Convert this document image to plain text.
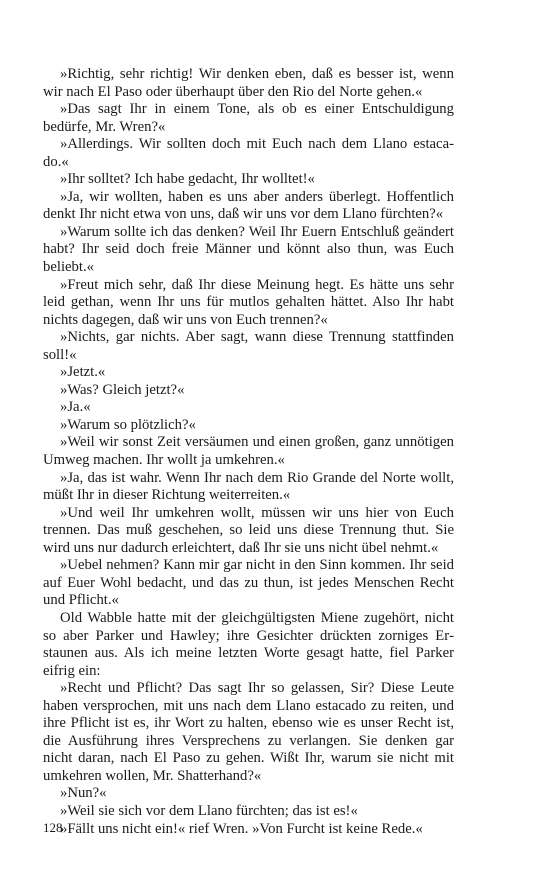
»Richtig, sehr richtig! Wir denken eben, daß es besser ist, wenn wir nach El Paso oder überhaupt über den Rio del Norte gehen.«

»Das sagt Ihr in einem Tone, als ob es einer Entschuldigung bedürfe, Mr. Wren?«

»Allerdings. Wir sollten doch mit Euch nach dem Llano estacado.«

»Ihr solltet? Ich habe gedacht, Ihr wolltet!«

»Ja, wir wollten, haben es uns aber anders überlegt. Hoffentlich denkt Ihr nicht etwa von uns, daß wir uns vor dem Llano fürchten?«

»Warum sollte ich das denken? Weil Ihr Euern Entschluß geändert habt? Ihr seid doch freie Männer und könnt also thun, was Euch beliebt.«

»Freut mich sehr, daß Ihr diese Meinung hegt. Es hätte uns sehr leid gethan, wenn Ihr uns für mutlos gehalten hättet. Also Ihr habt nichts dagegen, daß wir uns von Euch trennen?«

»Nichts, gar nichts. Aber sagt, wann diese Trennung stattfinden soll!«

»Jetzt.«

»Was? Gleich jetzt?«

»Ja.«

»Warum so plötzlich?«

»Weil wir sonst Zeit versäumen und einen großen, ganz unnötigen Umweg machen. Ihr wollt ja umkehren.«

»Ja, das ist wahr. Wenn Ihr nach dem Rio Grande del Norte wollt, müßt Ihr in dieser Richtung weiterreiten.«

»Und weil Ihr umkehren wollt, müssen wir uns hier von Euch trennen. Das muß geschehen, so leid uns diese Trennung thut. Sie wird uns nur dadurch erleichtert, daß Ihr sie uns nicht übel nehmt.«

»Uebel nehmen? Kann mir gar nicht in den Sinn kommen. Ihr seid auf Euer Wohl bedacht, und das zu thun, ist jedes Menschen Recht und Pflicht.«

Old Wabble hatte mit der gleichgültigsten Miene zugehört, nicht so aber Parker und Hawley; ihre Gesichter drückten zorniges Erstaunen aus. Als ich meine letzten Worte gesagt hatte, fiel Parker eifrig ein:

»Recht und Pflicht? Das sagt Ihr so gelassen, Sir? Diese Leute haben versprochen, mit uns nach dem Llano estacado zu reiten, und ihre Pflicht ist es, ihr Wort zu halten, ebenso wie es unser Recht ist, die Ausführung ihres Versprechens zu verlangen. Sie denken gar nicht daran, nach El Paso zu gehen. Wißt Ihr, warum sie nicht mit umkehren wollen, Mr. Shatterhand?«

»Nun?«

»Weil sie sich vor dem Llano fürchten; das ist es!«

»Fällt uns nicht ein!« rief Wren. »Von Furcht ist keine Rede.«

128
